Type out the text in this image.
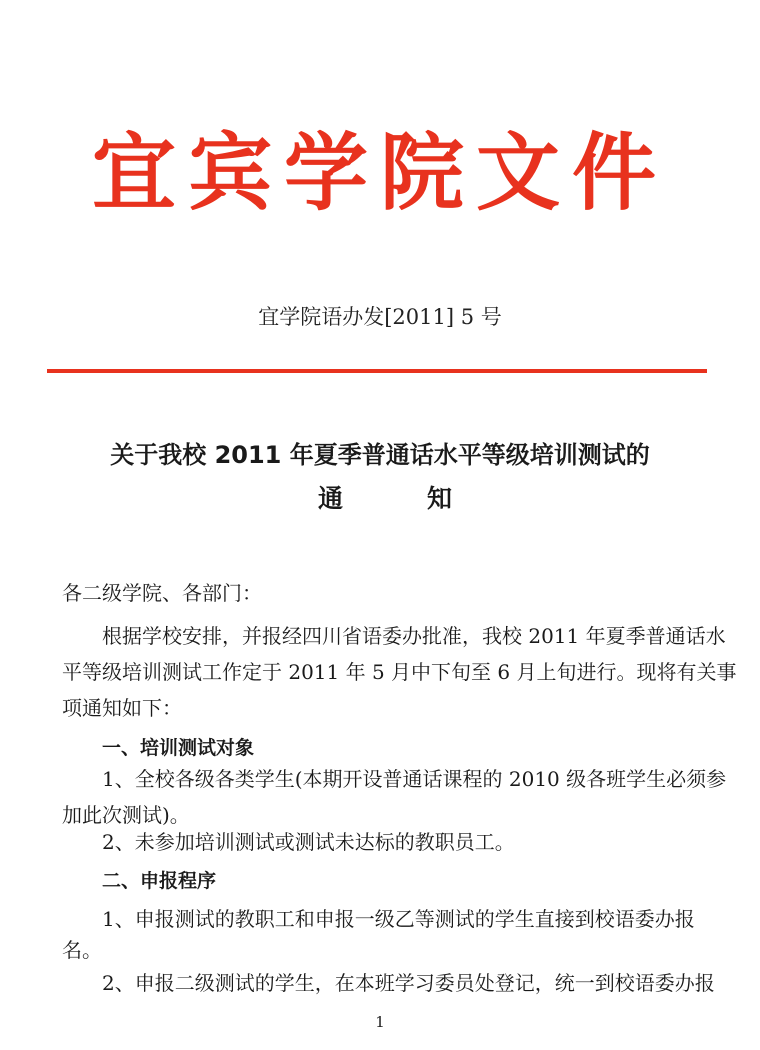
宜宾学院文件
宜学院语办发[2011] 5 号
关于我校 2011 年夏季普通话水平等级培训测试的
通	知
各二级学院、各部门：
根据学校安排，并报经四川省语委办批准，我校 2011 年夏季普通话水
平等级培训测试工作定于 2011 年 5 月中下旬至 6 月上旬进行。现将有关事
项通知如下：
一、培训测试对象
1、全校各级各类学生(本期开设普通话课程的 2010 级各班学生必须参
加此次测试)。
2、未参加培训测试或测试未达标的教职员工。
二、申报程序
1、申报测试的教职工和申报一级乙等测试的学生直接到校语委办报
名。
2、申报二级测试的学生，在本班学习委员处登记，统一到校语委办报
1
